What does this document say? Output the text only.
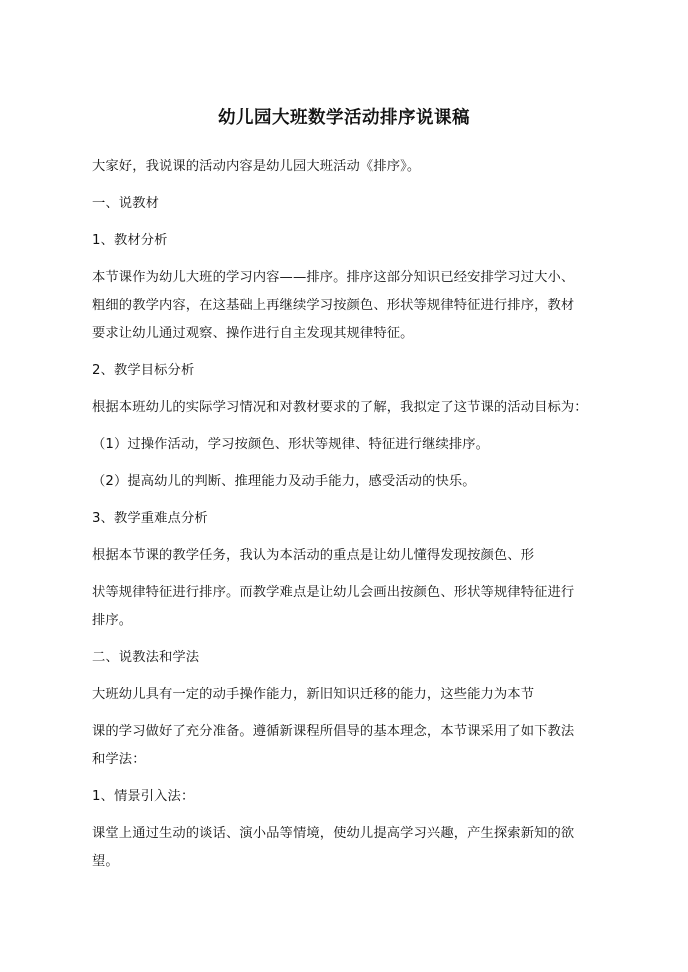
幼儿园大班数学活动排序说课稿
大家好，我说课的活动内容是幼儿园大班活动《排序》。
一、说教材
1、教材分析
本节课作为幼儿大班的学习内容——排序。排序这部分知识已经安排学习过大小、
粗细的教学内容，在这基础上再继续学习按颜色、形状等规律特征进行排序，教材
要求让幼儿通过观察、操作进行自主发现其规律特征。
2、教学目标分析
根据本班幼儿的实际学习情况和对教材要求的了解，我拟定了这节课的活动目标为：
（1）过操作活动，学习按颜色、形状等规律、特征进行继续排序。
（2）提高幼儿的判断、推理能力及动手能力，感受活动的快乐。
3、教学重难点分析
根据本节课的教学任务，我认为本活动的重点是让幼儿懂得发现按颜色、形
状等规律特征进行排序。而教学难点是让幼儿会画出按颜色、形状等规律特征进行
排序。
二、说教法和学法
大班幼儿具有一定的动手操作能力，新旧知识迁移的能力，这些能力为本节
课的学习做好了充分准备。遵循新课程所倡导的基本理念，本节课采用了如下教法
和学法：
1、情景引入法：
课堂上通过生动的谈话、演小品等情境，使幼儿提高学习兴趣，产生探索新知的欲
望。
